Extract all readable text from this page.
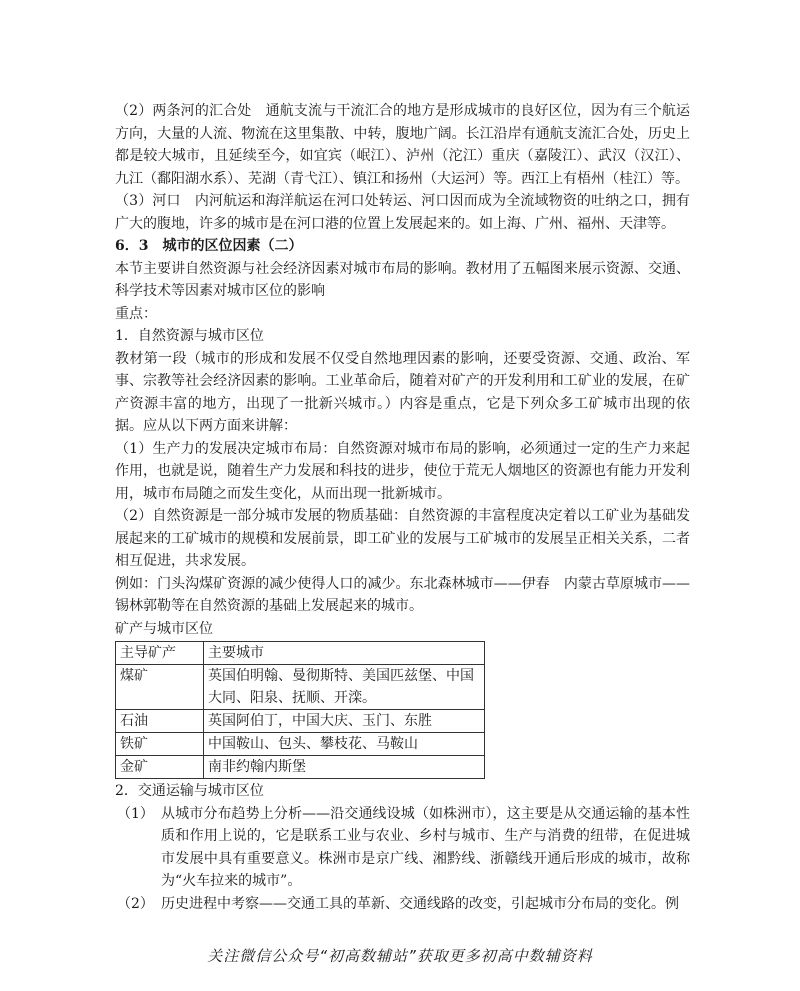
（2）两条河的汇合处　通航支流与干流汇合的地方是形成城市的良好区位，因为有三个航运方向，大量的人流、物流在这里集散、中转，腹地广阔。长江沿岸有通航支流汇合处，历史上都是较大城市，且延续至今，如宜宾（岷江）、泸州（沱江）重庆（嘉陵江）、武汉（汉江）、九江（鄱阳湖水系）、芜湖（青弋江）、镇江和扬州（大运河）等。西江上有梧州（桂江）等。

（3）河口　内河航运和海洋航运在河口处转运、河口因而成为全流域物资的吐纳之口，拥有广大的腹地，许多的城市是在河口港的位置上发展起来的。如上海、广州、福州、天津等。

6．3　城市的区位因素（二）

本节主要讲自然资源与社会经济因素对城市布局的影响。教材用了五幅图来展示资源、交通、科学技术等因素对城市区位的影响

重点：

1．自然资源与城市区位

教材第一段（城市的形成和发展不仅受自然地理因素的影响，还要受资源、交通、政治、军事、宗教等社会经济因素的影响。工业革命后，随着对矿产的开发利用和工矿业的发展，在矿产资源丰富的地方，出现了一批新兴城市。）内容是重点，它是下列众多工矿城市出现的依据。应从以下两方面来讲解：

（1）生产力的发展决定城市布局：自然资源对城市布局的影响，必须通过一定的生产力来起作用，也就是说，随着生产力发展和科技的进步，使位于荒无人烟地区的资源也有能力开发利用，城市布局随之而发生变化，从而出现一批新城市。

（2）自然资源是一部分城市发展的物质基础：自然资源的丰富程度决定着以工矿业为基础发展起来的工矿城市的规模和发展前景，即工矿业的发展与工矿城市的发展呈正相关关系，二者相互促进，共求发展。

例如：门头沟煤矿资源的减少使得人口的减少。东北森林城市——伊春　内蒙古草原城市——锡林郭勒等在自然资源的基础上发展起来的城市。

矿产与城市区位

主导矿产	主要城市
煤矿	英国伯明翰、曼彻斯特、美国匹兹堡、中国大同、阳泉、抚顺、开滦。
石油	英国阿伯丁，中国大庆、玉门、东胜
铁矿	中国鞍山、包头、攀枝花、马鞍山
金矿	南非约翰内斯堡

2．交通运输与城市区位

（1） 从城市分布趋势上分析——沿交通线设城（如株洲市），这主要是从交通运输的基本性质和作用上说的，它是联系工业与农业、乡村与城市、生产与消费的纽带，在促进城市发展中具有重要意义。株洲市是京广线、湘黔线、浙赣线开通后形成的城市，故称为“火车拉来的城市”。
（2） 历史进程中考察——交通工具的革新、交通线路的改变，引起城市分布局的变化。例
关注微信公众号“初高数辅站”获取更多初高中数辅资料
